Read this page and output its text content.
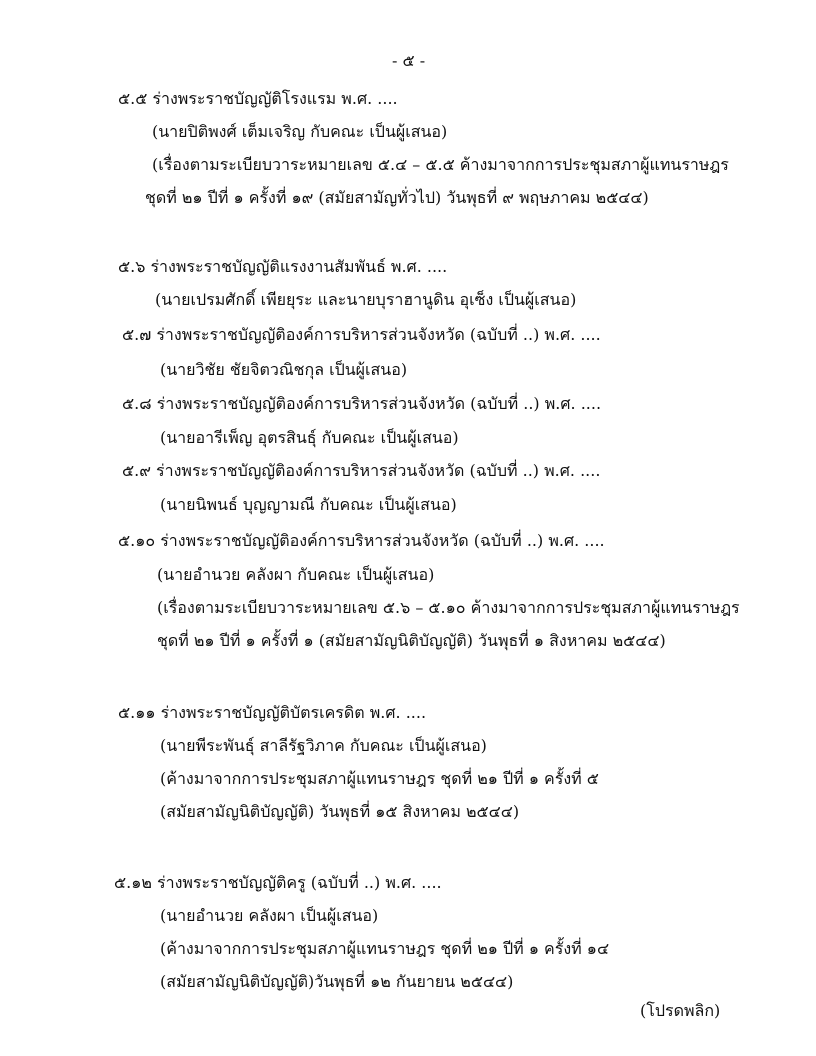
- ๕ -
๕.๕ ร่างพระราชบัญญัติโรงแรม พ.ศ. ....
(นายปิติพงศ์ เต็มเจริญ กับคณะ เป็นผู้เสนอ)
(เรื่องตามระเบียบวาระหมายเลข ๕.๔ – ๕.๕ ค้างมาจากการประชุมสภาผู้แทนราษฎร
ชุดที่ ๒๑ ปีที่ ๑ ครั้งที่ ๑๙ (สมัยสามัญทั่วไป) วันพุธที่ ๙ พฤษภาคม ๒๕๔๔)
๕.๖ ร่างพระราชบัญญัติแรงงานสัมพันธ์ พ.ศ. ....
(นายเปรมศักดิ์ เพียยุระ และนายบุราฮานูดิน อุเซ็ง เป็นผู้เสนอ)
๕.๗ ร่างพระราชบัญญัติองค์การบริหารส่วนจังหวัด (ฉบับที่ ..) พ.ศ. ....
(นายวิชัย ชัยจิตวณิชกุล เป็นผู้เสนอ)
๕.๘ ร่างพระราชบัญญัติองค์การบริหารส่วนจังหวัด (ฉบับที่ ..) พ.ศ. ....
(นายอารีเพ็ญ อุตรสินธุ์ กับคณะ เป็นผู้เสนอ)
๕.๙ ร่างพระราชบัญญัติองค์การบริหารส่วนจังหวัด (ฉบับที่ ..) พ.ศ. ....
(นายนิพนธ์ บุญญามณี กับคณะ เป็นผู้เสนอ)
๕.๑๐ ร่างพระราชบัญญัติองค์การบริหารส่วนจังหวัด (ฉบับที่ ..) พ.ศ. ....
(นายอำนวย คลังผา กับคณะ เป็นผู้เสนอ)
(เรื่องตามระเบียบวาระหมายเลข ๕.๖ – ๕.๑๐ ค้างมาจากการประชุมสภาผู้แทนราษฎร
ชุดที่ ๒๑ ปีที่ ๑ ครั้งที่ ๑ (สมัยสามัญนิติบัญญัติ) วันพุธที่ ๑ สิงหาคม ๒๕๔๔)
๕.๑๑ ร่างพระราชบัญญัติบัตรเครดิต พ.ศ. ....
(นายพีระพันธุ์ สาลีรัฐวิภาค กับคณะ เป็นผู้เสนอ)
(ค้างมาจากการประชุมสภาผู้แทนราษฎร ชุดที่ ๒๑ ปีที่ ๑ ครั้งที่ ๕
(สมัยสามัญนิติบัญญัติ) วันพุธที่ ๑๕ สิงหาคม ๒๕๔๔)
๕.๑๒ ร่างพระราชบัญญัติครู (ฉบับที่ ..) พ.ศ. ....
(นายอำนวย คลังผา เป็นผู้เสนอ)
(ค้างมาจากการประชุมสภาผู้แทนราษฎร ชุดที่ ๒๑ ปีที่ ๑ ครั้งที่ ๑๔
(สมัยสามัญนิติบัญญัติ)วันพุธที่ ๑๒ กันยายน ๒๕๔๔)
(โปรดพลิก)
